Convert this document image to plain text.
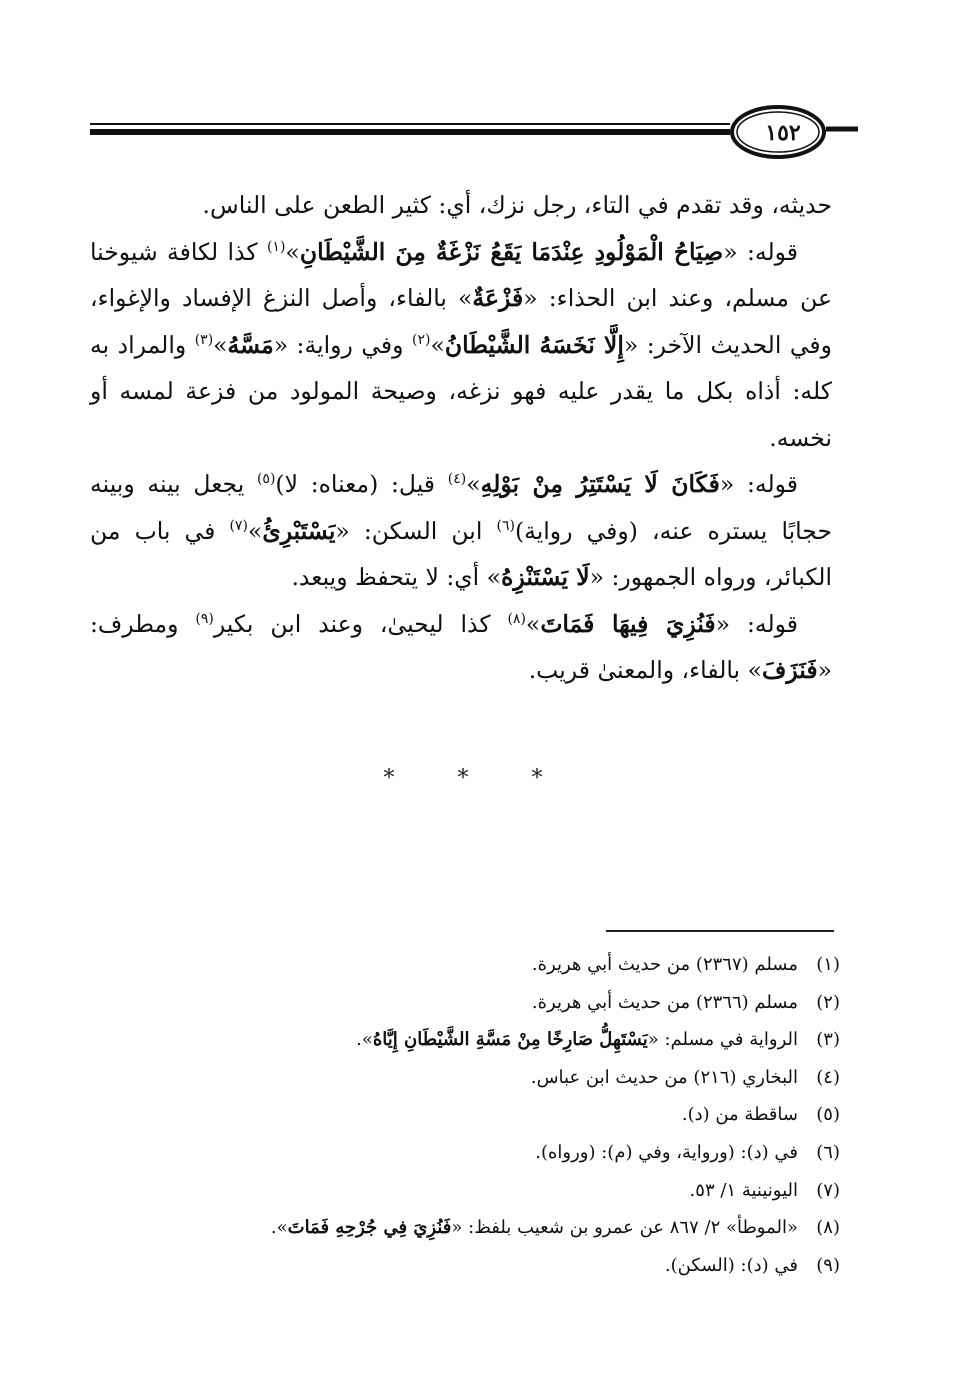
١٥٢

حديثه، وقد تقدم في التاء، رجل نزك، أي: كثير الطعن على الناس.

قوله: «صِيَاحُ الْمَوْلُودِ عِنْدَمَا يَقَعُ نَزْغَةٌ مِنَ الشَّيْطَانِ»$^{(١)}$ كذا لكافة شيوخنا عن مسلم، وعند ابن الحذاء: «فَزْعَةٌ» بالفاء، وأصل النزغ الإفساد والإغواء، وفي الحديث الآخر: «إِلَّا نَخَسَهُ الشَّيْطَانُ»$^{(٢)}$ وفي رواية: «مَسَّهُ»$^{(٣)}$ والمراد به كله: أذاه بكل ما يقدر عليه فهو نزغه، وصيحة المولود من فزعة لمسه أو نخسه.

قوله: «فَكَانَ لَا يَسْتَتِرُ مِنْ بَوْلِهِ»$^{(٤)}$ قيل: (معناه: لا)$^{(٥)}$ يجعل بينه وبينه حجابًا يستره عنه، (وفي رواية)$^{(٦)}$ ابن السكن: «يَسْتَبْرِئُ»$^{(٧)}$ في باب من الكبائر، ورواه الجمهور: «لَا يَسْتَنْزِهُ» أي: لا يتحفظ ويبعد.

قوله: «فَنُزِيَ فِيهَا فَمَاتَ»$^{(٨)}$ كذا ليحيىٰ، وعند ابن بكير$^{(٩)}$ ومطرف: «فَنَزَفَ» بالفاء، والمعنىٰ قريب.

* * *
(١)مسلم (٢٣٦٧) من حديث أبي هريرة.
(٢)مسلم (٢٣٦٦) من حديث أبي هريرة.
(٣)الرواية في مسلم: «يَسْتَهِلُّ صَارِخًا مِنْ مَسَّةِ الشَّيْطَانِ إِيَّاهُ».
(٤)البخاري (٢١٦) من حديث ابن عباس.
(٥)ساقطة من (د).
(٦)في (د): (ورواية، وفي (م): (ورواه).
(٧)اليونينية ١/ ٥٣.
(٨)«الموطأ» ٢/ ٨٦٧ عن عمرو بن شعيب بلفظ: «فَنُزِيَ فِي جُرْحِهِ فَمَاتَ».
(٩)في (د): (السكن).
